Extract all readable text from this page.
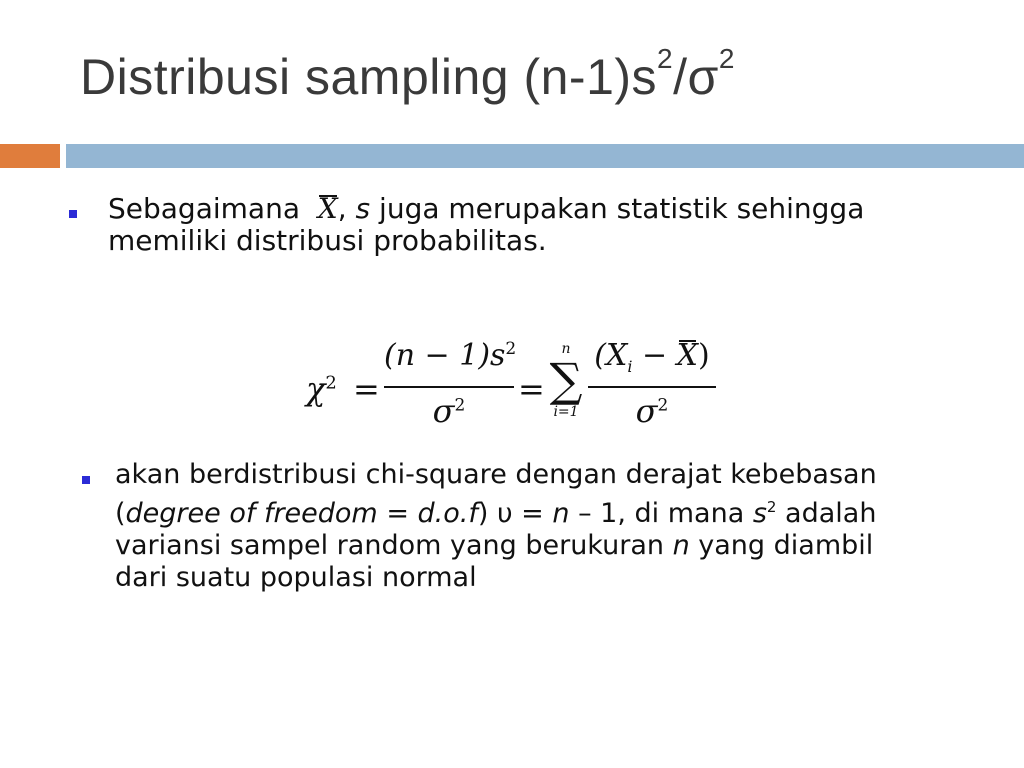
Distribusi sampling $(n-1)s^2/\sigma^2$
Sebagaimana X, s juga merupakan statistik sehingga
memiliki distribusi probabilitas.
$\chi^2$ =
$(n - 1)s^2$
$\sigma^2$	=
n
∑
i=1
$(X_i - X)$
$\sigma^2$
akan berdistribusi chi-square dengan derajat kebebasan
(degree of freedom = d.o.f) υ = n – 1, di mana $s^2$ adalah
variansi sampel random yang berukuran n yang diambil
dari suatu populasi normal
